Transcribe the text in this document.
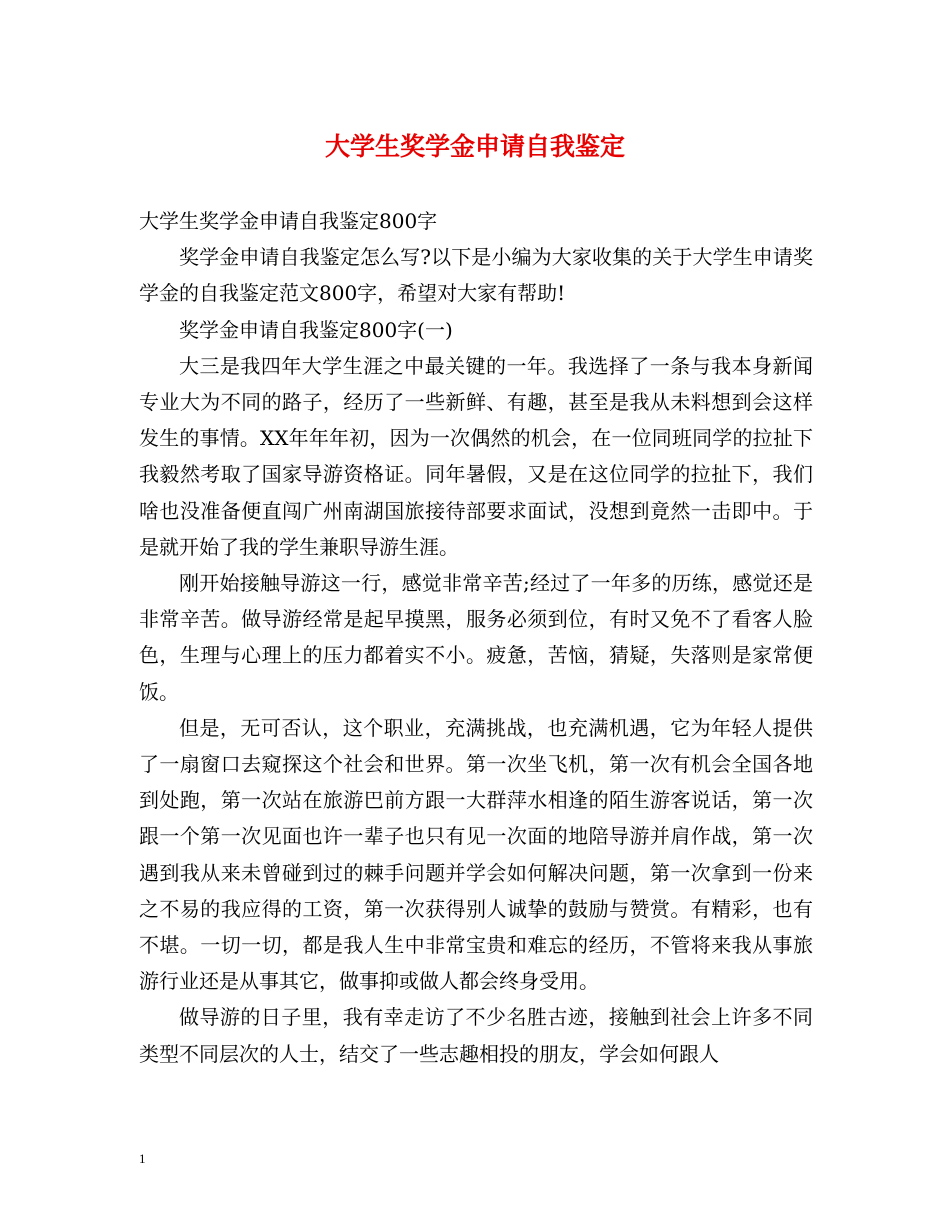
大学生奖学金申请自我鉴定

大学生奖学金申请自我鉴定800字

奖学金申请自我鉴定怎么写?以下是小编为大家收集的关于大学生申请奖学金的自我鉴定范文800字，希望对大家有帮助!

奖学金申请自我鉴定800字(一)

大三是我四年大学生涯之中最关键的一年。我选择了一条与我本身新闻专业大为不同的路子，经历了一些新鲜、有趣，甚至是我从未料想到会这样发生的事情。XX年年年初，因为一次偶然的机会，在一位同班同学的拉扯下我毅然考取了国家导游资格证。同年暑假，又是在这位同学的拉扯下，我们啥也没准备便直闯广州南湖国旅接待部要求面试，没想到竟然一击即中。于是就开始了我的学生兼职导游生涯。

刚开始接触导游这一行，感觉非常辛苦;经过了一年多的历练，感觉还是非常辛苦。做导游经常是起早摸黑，服务必须到位，有时又免不了看客人脸色，生理与心理上的压力都着实不小。疲惫，苦恼，猜疑，失落则是家常便饭。

但是，无可否认，这个职业，充满挑战，也充满机遇，它为年轻人提供了一扇窗口去窥探这个社会和世界。第一次坐飞机，第一次有机会全国各地到处跑，第一次站在旅游巴前方跟一大群萍水相逢的陌生游客说话，第一次跟一个第一次见面也许一辈子也只有见一次面的地陪导游并肩作战，第一次遇到我从来未曾碰到过的棘手问题并学会如何解决问题，第一次拿到一份来之不易的我应得的工资，第一次获得别人诚挚的鼓励与赞赏。有精彩，也有不堪。一切一切，都是我人生中非常宝贵和难忘的经历，不管将来我从事旅游行业还是从事其它，做事抑或做人都会终身受用。

做导游的日子里，我有幸走访了不少名胜古迹，接触到社会上许多不同类型不同层次的人士，结交了一些志趣相投的朋友，学会如何跟人

1
